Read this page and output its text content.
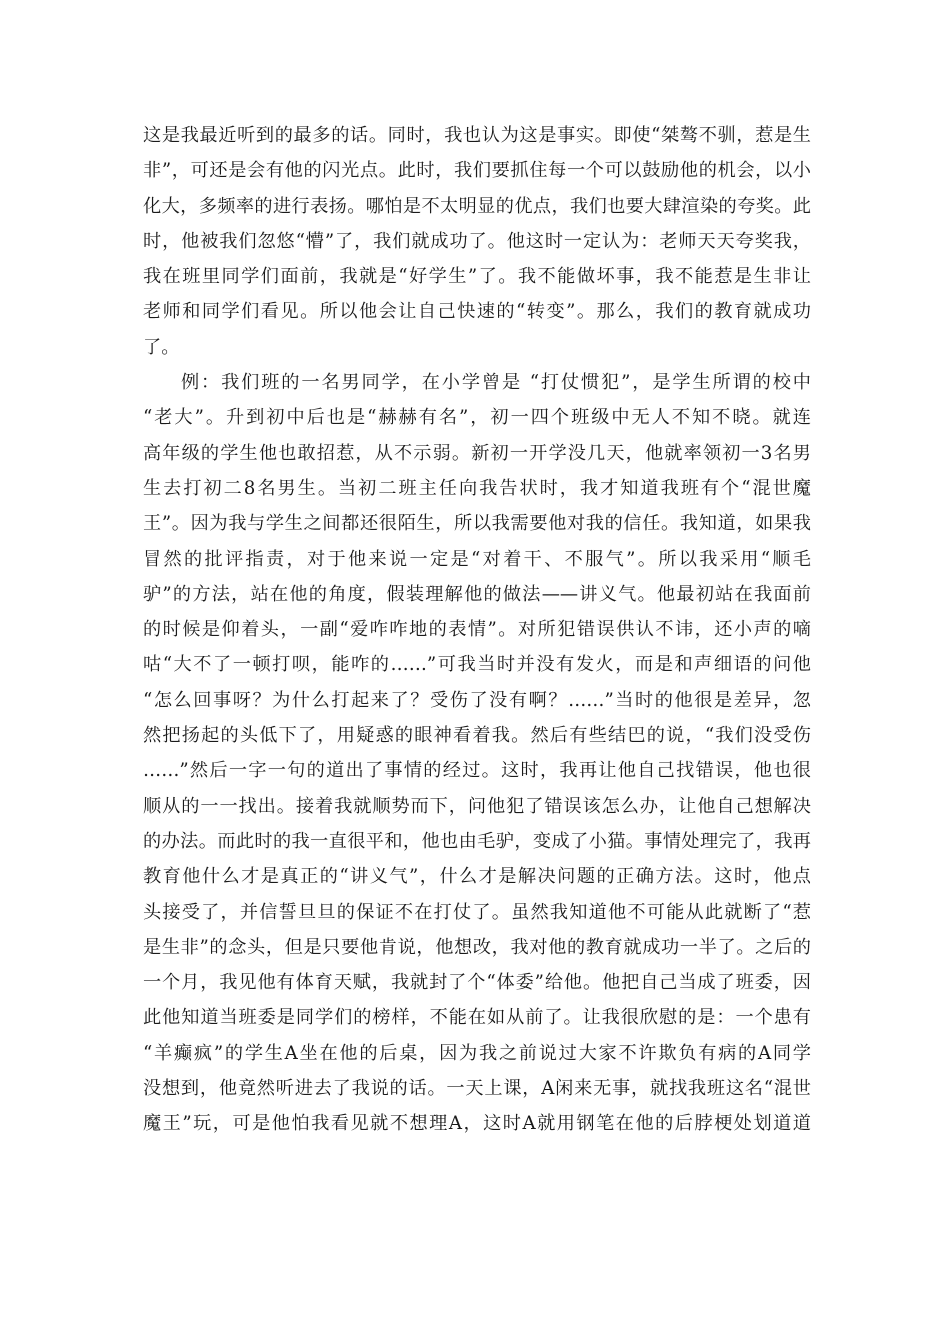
这是我最近听到的最多的话。同时，我也认为这是事实。即使“桀骜不驯，惹是生
非”，可还是会有他的闪光点。此时，我们要抓住每一个可以鼓励他的机会，以小
化大，多频率的进行表扬。哪怕是不太明显的优点，我们也要大肆渲染的夸奖。此
时，他被我们忽悠“懵”了，我们就成功了。他这时一定认为：老师天天夸奖我，
我在班里同学们面前，我就是“好学生”了。我不能做坏事，我不能惹是生非让
老师和同学们看见。所以他会让自己快速的“转变”。那么，我们的教育就成功
了。
例：我们班的一名男同学，在小学曾是 “打仗惯犯”，是学生所谓的校中
“老大”。升到初中后也是“赫赫有名”，初一四个班级中无人不知不晓。就连
高年级的学生他也敢招惹，从不示弱。新初一开学没几天，他就率领初一3名男
生去打初二8名男生。当初二班主任向我告状时，我才知道我班有个“混世魔
王”。因为我与学生之间都还很陌生，所以我需要他对我的信任。我知道，如果我
冒然的批评指责，对于他来说一定是“对着干、不服气”。所以我采用“顺毛
驴”的方法，站在他的角度，假装理解他的做法——讲义气。他最初站在我面前
的时候是仰着头，一副“爱咋咋地的表情”。对所犯错误供认不讳，还小声的嘀
咕“大不了一顿打呗，能咋的……”可我当时并没有发火，而是和声细语的问他
“怎么回事呀？为什么打起来了？受伤了没有啊？……”当时的他很是差异，忽
然把扬起的头低下了，用疑惑的眼神看着我。然后有些结巴的说，“我们没受伤
……”然后一字一句的道出了事情的经过。这时，我再让他自己找错误，他也很
顺从的一一找出。接着我就顺势而下，问他犯了错误该怎么办，让他自己想解决
的办法。而此时的我一直很平和，他也由毛驴，变成了小猫。事情处理完了，我再
教育他什么才是真正的“讲义气”，什么才是解决问题的正确方法。这时，他点
头接受了，并信誓旦旦的保证不在打仗了。虽然我知道他不可能从此就断了“惹
是生非”的念头，但是只要他肯说，他想改，我对他的教育就成功一半了。之后的
一个月，我见他有体育天赋，我就封了个“体委”给他。他把自己当成了班委，因
此他知道当班委是同学们的榜样，不能在如从前了。让我很欣慰的是：一个患有
“羊癫疯”的学生A坐在他的后桌，因为我之前说过大家不许欺负有病的A同学
没想到，他竟然听进去了我说的话。一天上课，A闲来无事，就找我班这名“混世
魔王”玩，可是他怕我看见就不想理A，这时A就用钢笔在他的后脖梗处划道道
